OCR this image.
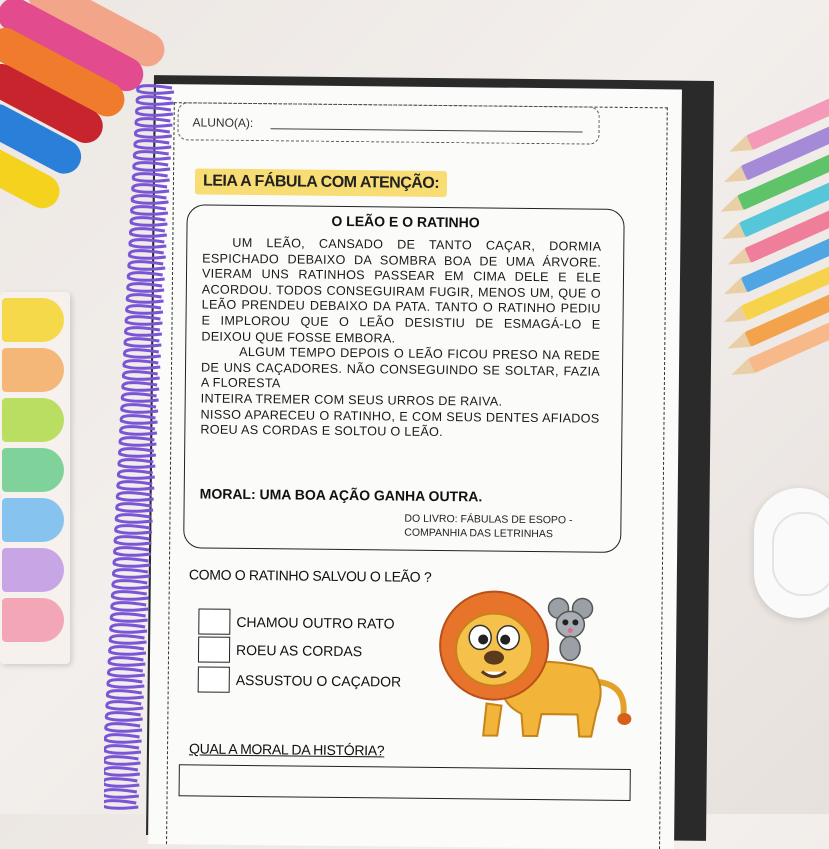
ALUNO(A):
LEIA A FÁBULA COM ATENÇÃO:
O LEÃO E O RATINHO

UM LEÃO, CANSADO DE TANTO CAÇAR, DORMIA ESPICHADO DEBAIXO DA SOMBRA BOA DE UMA ÁRVORE. VIERAM UNS RATINHOS PASSEAR EM CIMA DELE E ELE ACORDOU. TODOS CONSEGUIRAM FUGIR, MENOS UM, QUE O LEÃO PRENDEU DEBAIXO DA PATA. TANTO O RATINHO PEDIU E IMPLOROU QUE O LEÃO DESISTIU DE ESMAGÁ-LO E DEIXOU QUE FOSSE EMBORA.

ALGUM TEMPO DEPOIS O LEÃO FICOU PRESO NA REDE DE UNS CAÇADORES. NÃO CONSEGUINDO SE SOLTAR, FAZIA A FLORESTA

INTEIRA TREMER COM SEUS URROS DE RAIVA.

NISSO APARECEU O RATINHO, E COM SEUS DENTES AFIADOS ROEU AS CORDAS E SOLTOU O LEÃO.

MORAL: UMA BOA AÇÃO GANHA OUTRA.
DO LIVRO: FÁBULAS DE ESOPO -
COMPANHIA DAS LETRINHAS
COMO O RATINHO SALVOU O LEÃO ?
CHAMOU OUTRO RATO
ROEU AS CORDAS
ASSUSTOU O CAÇADOR
QUAL A MORAL DA HISTÓRIA?
